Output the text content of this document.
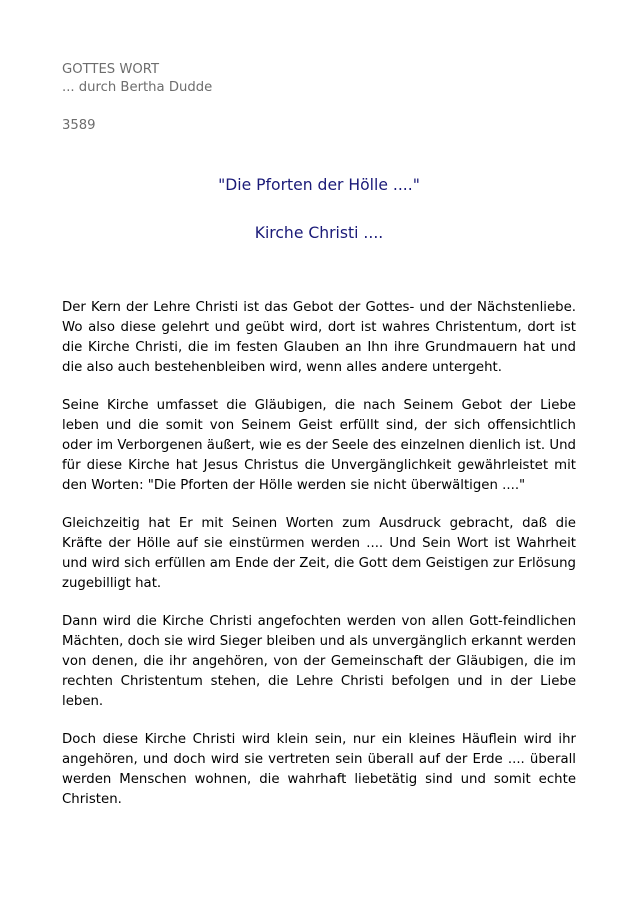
GOTTES WORT
... durch Bertha Dudde
3589
"Die Pforten der Hölle ...."
Kirche Christi ....

Der Kern der Lehre Christi ist das Gebot der Gottes- und der Nächstenliebe. Wo also diese gelehrt und geübt wird, dort ist wahres Christentum, dort ist die Kirche Christi, die im festen Glauben an Ihn ihre Grundmauern hat und die also auch bestehenbleiben wird, wenn alles andere untergeht.

Seine Kirche umfasset die Gläubigen, die nach Seinem Gebot der Liebe leben und die somit von Seinem Geist erfüllt sind, der sich offensichtlich oder im Verborgenen äußert, wie es der Seele des einzelnen dienlich ist. Und für diese Kirche hat Jesus Christus die Unvergänglichkeit gewährleistet mit den Worten: "Die Pforten der Hölle werden sie nicht überwältigen ...."

Gleichzeitig hat Er mit Seinen Worten zum Ausdruck gebracht, daß die Kräfte der Hölle auf sie einstürmen werden .... Und Sein Wort ist Wahrheit und wird sich erfüllen am Ende der Zeit, die Gott dem Geistigen zur Erlösung zugebilligt hat.

Dann wird die Kirche Christi angefochten werden von allen Gott-feindlichen Mächten, doch sie wird Sieger bleiben und als unvergänglich erkannt werden von denen, die ihr angehören, von der Gemeinschaft der Gläubigen, die im rechten Christentum stehen, die Lehre Christi befolgen und in der Liebe leben.

Doch diese Kirche Christi wird klein sein, nur ein kleines Häuflein wird ihr angehören, und doch wird sie vertreten sein überall auf der Erde .... überall werden Menschen wohnen, die wahrhaft liebetätig sind und somit echte Christen.
